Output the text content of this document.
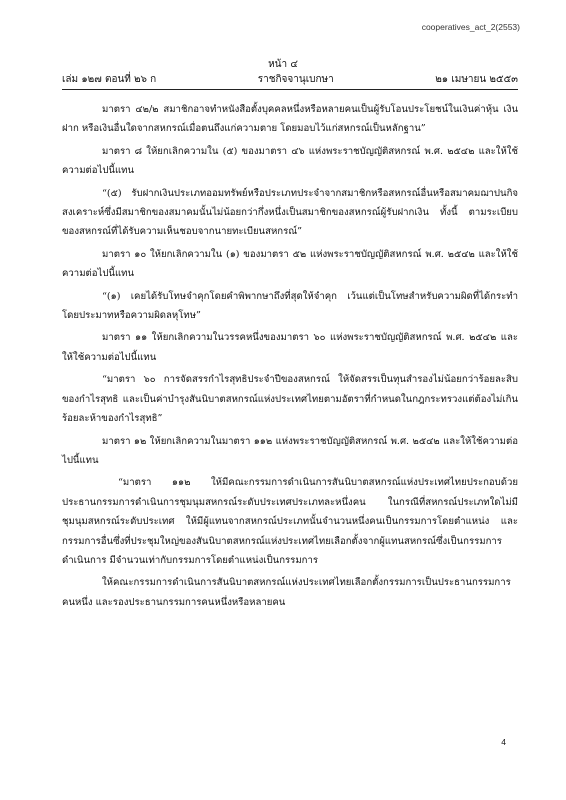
cooperatives_act_2(2553)
หน้า ๔
เล่ม ๑๒๗ ตอนที่ ๒๖ ก	ราชกิจจานุเบกษา	๒๑ เมษายน ๒๕๕๓

มาตรา ๔๒/๒ สมาชิกอาจทำหนังสือตั้งบุคคลหนึ่งหรือหลายคนเป็นผู้รับโอนประโยชน์ในเงินค่าหุ้น เงินฝาก หรือเงินอื่นใดจากสหกรณ์เมื่อตนถึงแก่ความตาย โดยมอบไว้แก่สหกรณ์เป็นหลักฐาน”

มาตรา ๘ ให้ยกเลิกความใน (๕) ของมาตรา ๔๖ แห่งพระราชบัญญัติสหกรณ์ พ.ศ. ๒๕๔๒ และให้ใช้ความต่อไปนี้แทน

“(๕) รับฝากเงินประเภทออมทรัพย์หรือประเภทประจำจากสมาชิกหรือสหกรณ์อื่นหรือสมาคมฌาปนกิจสงเคราะห์ซึ่งมีสมาชิกของสมาคมนั้นไม่น้อยกว่ากึ่งหนึ่งเป็นสมาชิกของสหกรณ์ผู้รับฝากเงิน ทั้งนี้ ตามระเบียบของสหกรณ์ที่ได้รับความเห็นชอบจากนายทะเบียนสหกรณ์”

มาตรา ๑๐ ให้ยกเลิกความใน (๑) ของมาตรา ๕๒ แห่งพระราชบัญญัติสหกรณ์ พ.ศ. ๒๕๔๒ และให้ใช้ความต่อไปนี้แทน

“(๑) เคยได้รับโทษจำคุกโดยคำพิพากษาถึงที่สุดให้จำคุก เว้นแต่เป็นโทษสำหรับความผิดที่ได้กระทำโดยประมาทหรือความผิดลหุโทษ”

มาตรา ๑๑ ให้ยกเลิกความในวรรคหนึ่งของมาตรา ๖๐ แห่งพระราชบัญญัติสหกรณ์ พ.ศ. ๒๕๔๒ และให้ใช้ความต่อไปนี้แทน

“มาตรา ๖๐ การจัดสรรกำไรสุทธิประจำปีของสหกรณ์ ให้จัดสรรเป็นทุนสำรองไม่น้อยกว่าร้อยละสิบของกำไรสุทธิ และเป็นค่าบำรุงสันนิบาตสหกรณ์แห่งประเทศไทยตามอัตราที่กำหนดในกฎกระทรวงแต่ต้องไม่เกินร้อยละห้าของกำไรสุทธิ”

มาตรา ๑๒ ให้ยกเลิกความในมาตรา ๑๑๒ แห่งพระราชบัญญัติสหกรณ์ พ.ศ. ๒๕๔๒ และให้ใช้ความต่อไปนี้แทน

“มาตรา ๑๑๒ ให้มีคณะกรรมการดำเนินการสันนิบาตสหกรณ์แห่งประเทศไทยประกอบด้วย ประธานกรรมการดำเนินการชุมนุมสหกรณ์ระดับประเทศประเภทละหนึ่งคน ในกรณีที่สหกรณ์ประเภทใดไม่มีชุมนุมสหกรณ์ระดับประเทศ ให้มีผู้แทนจากสหกรณ์ประเภทนั้นจำนวนหนึ่งคนเป็นกรรมการโดยตำแหน่ง และกรรมการอื่นซึ่งที่ประชุมใหญ่ของสันนิบาตสหกรณ์แห่งประเทศไทยเลือกตั้งจากผู้แทนสหกรณ์ซึ่งเป็นกรรมการดำเนินการ มีจำนวนเท่ากับกรรมการโดยตำแหน่งเป็นกรรมการ

ให้คณะกรรมการดำเนินการสันนิบาตสหกรณ์แห่งประเทศไทยเลือกตั้งกรรมการเป็นประธานกรรมการคนหนึ่ง และรองประธานกรรมการคนหนึ่งหรือหลายคน

4
